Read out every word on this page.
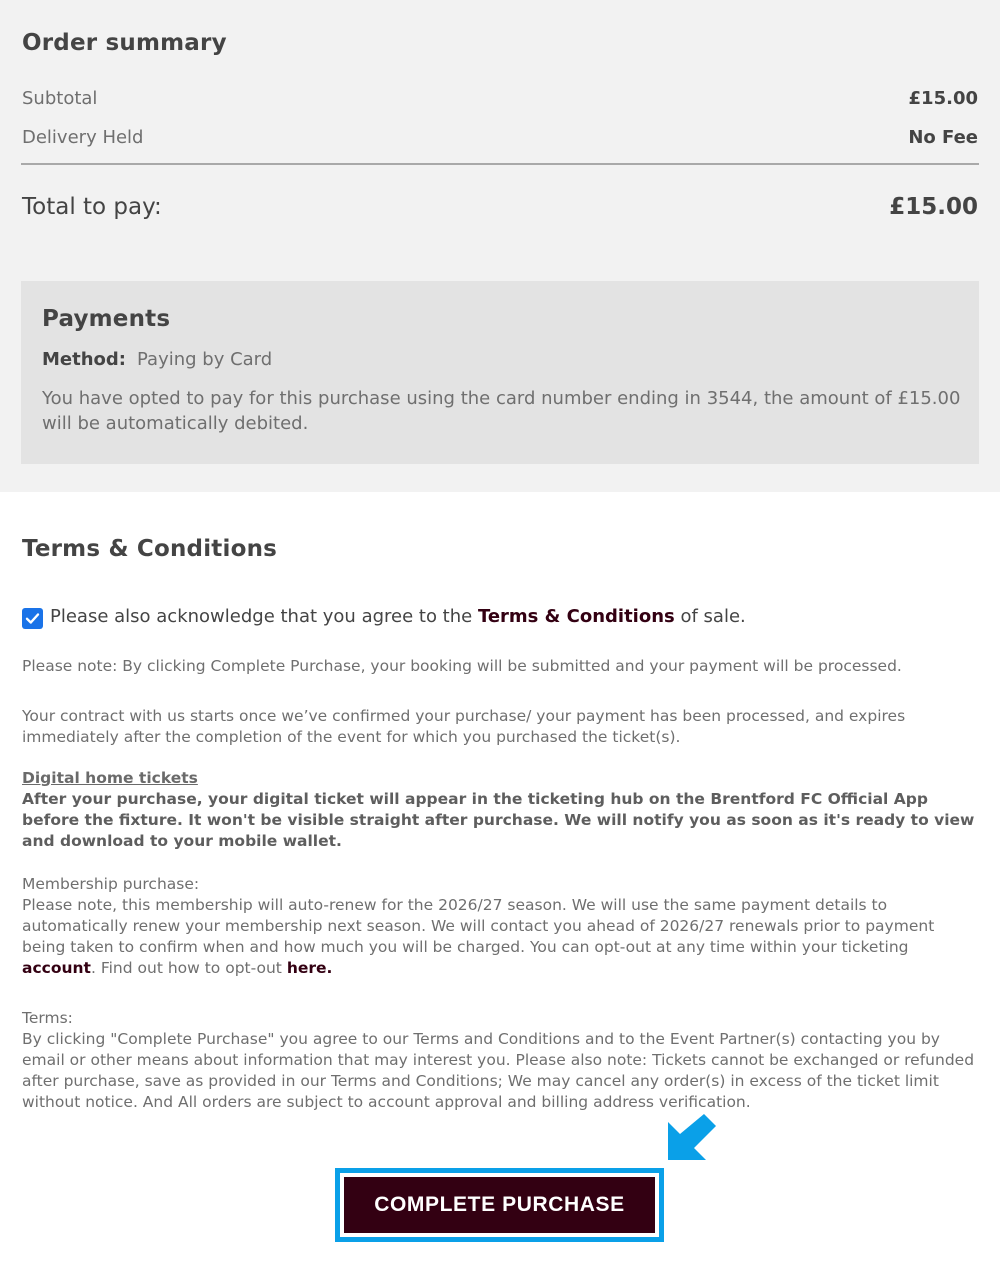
Order summary
Subtotal	£15.00
Delivery Held	No Fee
Total to pay:	£15.00
Payments
Method: Paying by Card

You have opted to pay for this purchase using the card number ending in 3544, the amount of £15.00 will be automatically debited.

Terms & Conditions
Please also acknowledge that you agree to the Terms & Conditions of sale.

Please note: By clicking Complete Purchase, your booking will be submitted and your payment will be processed.

Your contract with us starts once we’ve confirmed your purchase/ your payment has been processed, and expires immediately after the completion of the event for which you purchased the ticket(s).

Digital home tickets
After your purchase, your digital ticket will appear in the ticketing hub on the Brentford FC Official App before the fixture. It won't be visible straight after purchase. We will notify you as soon as it's ready to view and download to your mobile wallet.
Membership purchase:
Please note, this membership will auto-renew for the 2026/27 season. We will use the same payment details to automatically renew your membership next season. We will contact you ahead of 2026/27 renewals prior to payment being taken to confirm when and how much you will be charged. You can opt-out at any time within your ticketing account. Find out how to opt-out here.
Terms:
By clicking "Complete Purchase" you agree to our Terms and Conditions and to the Event Partner(s) contacting you by email or other means about information that may interest you. Please also note: Tickets cannot be exchanged or refunded after purchase, save as provided in our Terms and Conditions; We may cancel any order(s) in excess of the ticket limit without notice. And All orders are subject to account approval and billing address verification.
COMPLETE PURCHASE
